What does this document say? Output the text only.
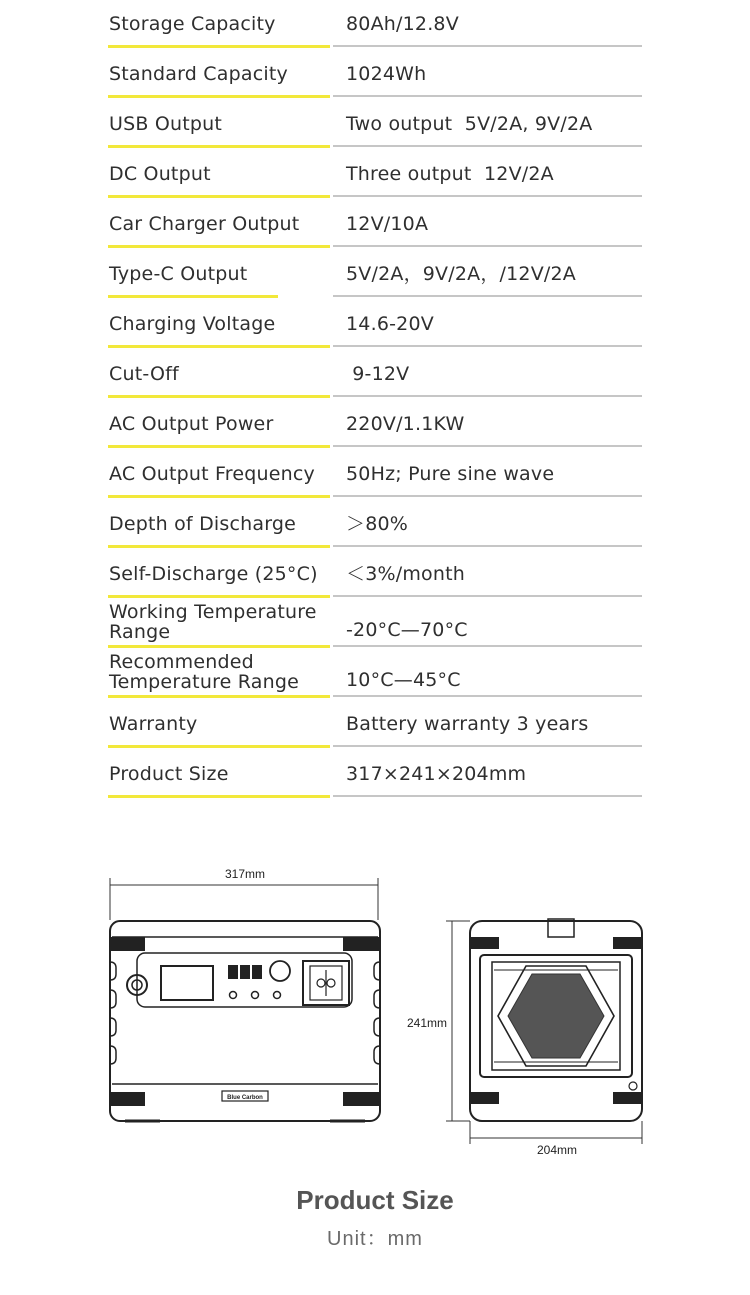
Storage Capacity	80Ah/12.8V
Standard Capacity	1024Wh
USB Output	Two output  5V/2A, 9V/2A
DC Output	Three output  12V/2A
Car Charger Output	12V/10A
Type-C Output	5V/2A，9V/2A，/12V/2A
Charging Voltage	14.6-20V
Cut-Off	9-12V
AC Output Power	220V/1.1KW
AC Output Frequency	50Hz; Pure sine wave
Depth of Discharge	＞80%
Self-Discharge (25°C)	＜3%/month
Working Temperature Range	-20°C—70°C
Recommended Temperature Range	10°C—45°C
Warranty	Battery warranty 3 years
Product Size	317×241×204mm
317mm
Blue Carbon
241mm
204mm
Product Size
Unit：mm
